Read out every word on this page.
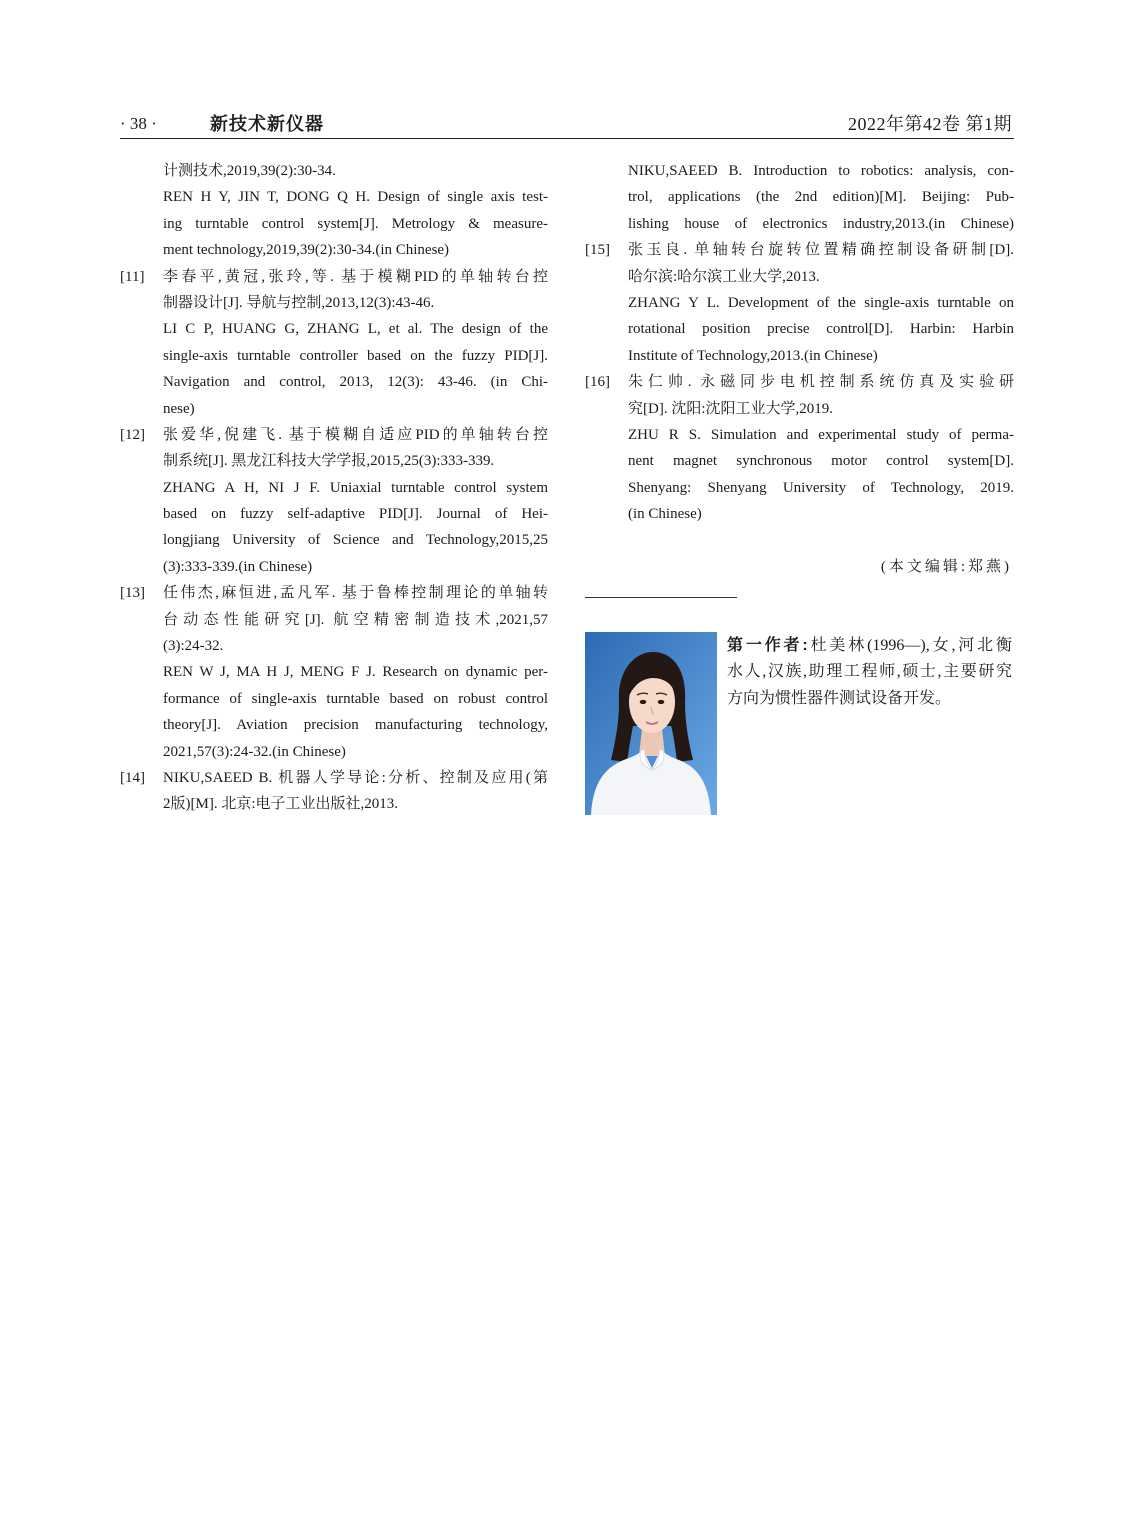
· 38 ·	新技术新仪器	2022年第42卷 第1期
计测技术,2019,39(2):30-34.
REN H Y, JIN T, DONG Q H. Design of single axis test-
ing turntable control system[J]. Metrology & measure-
ment technology,2019,39(2):30-34.(in Chinese)
[11] 李春平,黄冠,张玲,等. 基于模糊PID的单轴转台控
制器设计[J]. 导航与控制,2013,12(3):43-46.
LI C P, HUANG G, ZHANG L, et al. The design of the
single-axis turntable controller based on the fuzzy PID[J].
Navigation and control, 2013, 12(3): 43-46. (in Chi-
nese)
[12] 张爱华,倪建飞. 基于模糊自适应PID的单轴转台控
制系统[J]. 黑龙江科技大学学报,2015,25(3):333-339.
ZHANG A H, NI J F. Uniaxial turntable control system
based on fuzzy self-adaptive PID[J]. Journal of Hei-
longjiang University of Science and Technology,2015,25
(3):333-339.(in Chinese)
[13] 任伟杰,麻恒进,孟凡军. 基于鲁棒控制理论的单轴转
台动态性能研究[J]. 航空精密制造技术,2021,57
(3):24-32.
REN W J, MA H J, MENG F J. Research on dynamic per-
formance of single-axis turntable based on robust control
theory[J]. Aviation precision manufacturing technology,
2021,57(3):24-32.(in Chinese)
[14] NIKU,SAEED B. 机器人学导论:分析、控制及应用(第
2版)[M]. 北京:电子工业出版社,2013.
NIKU,SAEED B. Introduction to robotics: analysis, con-
trol, applications (the 2nd edition)[M]. Beijing: Pub-
lishing house of electronics industry,2013.(in Chinese)
[15] 张玉良. 单轴转台旋转位置精确控制设备研制[D].
哈尔滨:哈尔滨工业大学,2013.
ZHANG Y L. Development of the single-axis turntable on
rotational position precise control[D]. Harbin: Harbin
Institute of Technology,2013.(in Chinese)
[16] 朱仁帅. 永磁同步电机控制系统仿真及实验研
究[D]. 沈阳:沈阳工业大学,2019.
ZHU R S. Simulation and experimental study of perma-
nent magnet synchronous motor control system[D].
Shenyang: Shenyang University of Technology, 2019.
(in Chinese)
(本文编辑:郑燕)
第一作者:杜美林(1996—),女,河北衡
水人,汉族,助理工程师,硕士,主要研究
方向为惯性器件测试设备开发。
